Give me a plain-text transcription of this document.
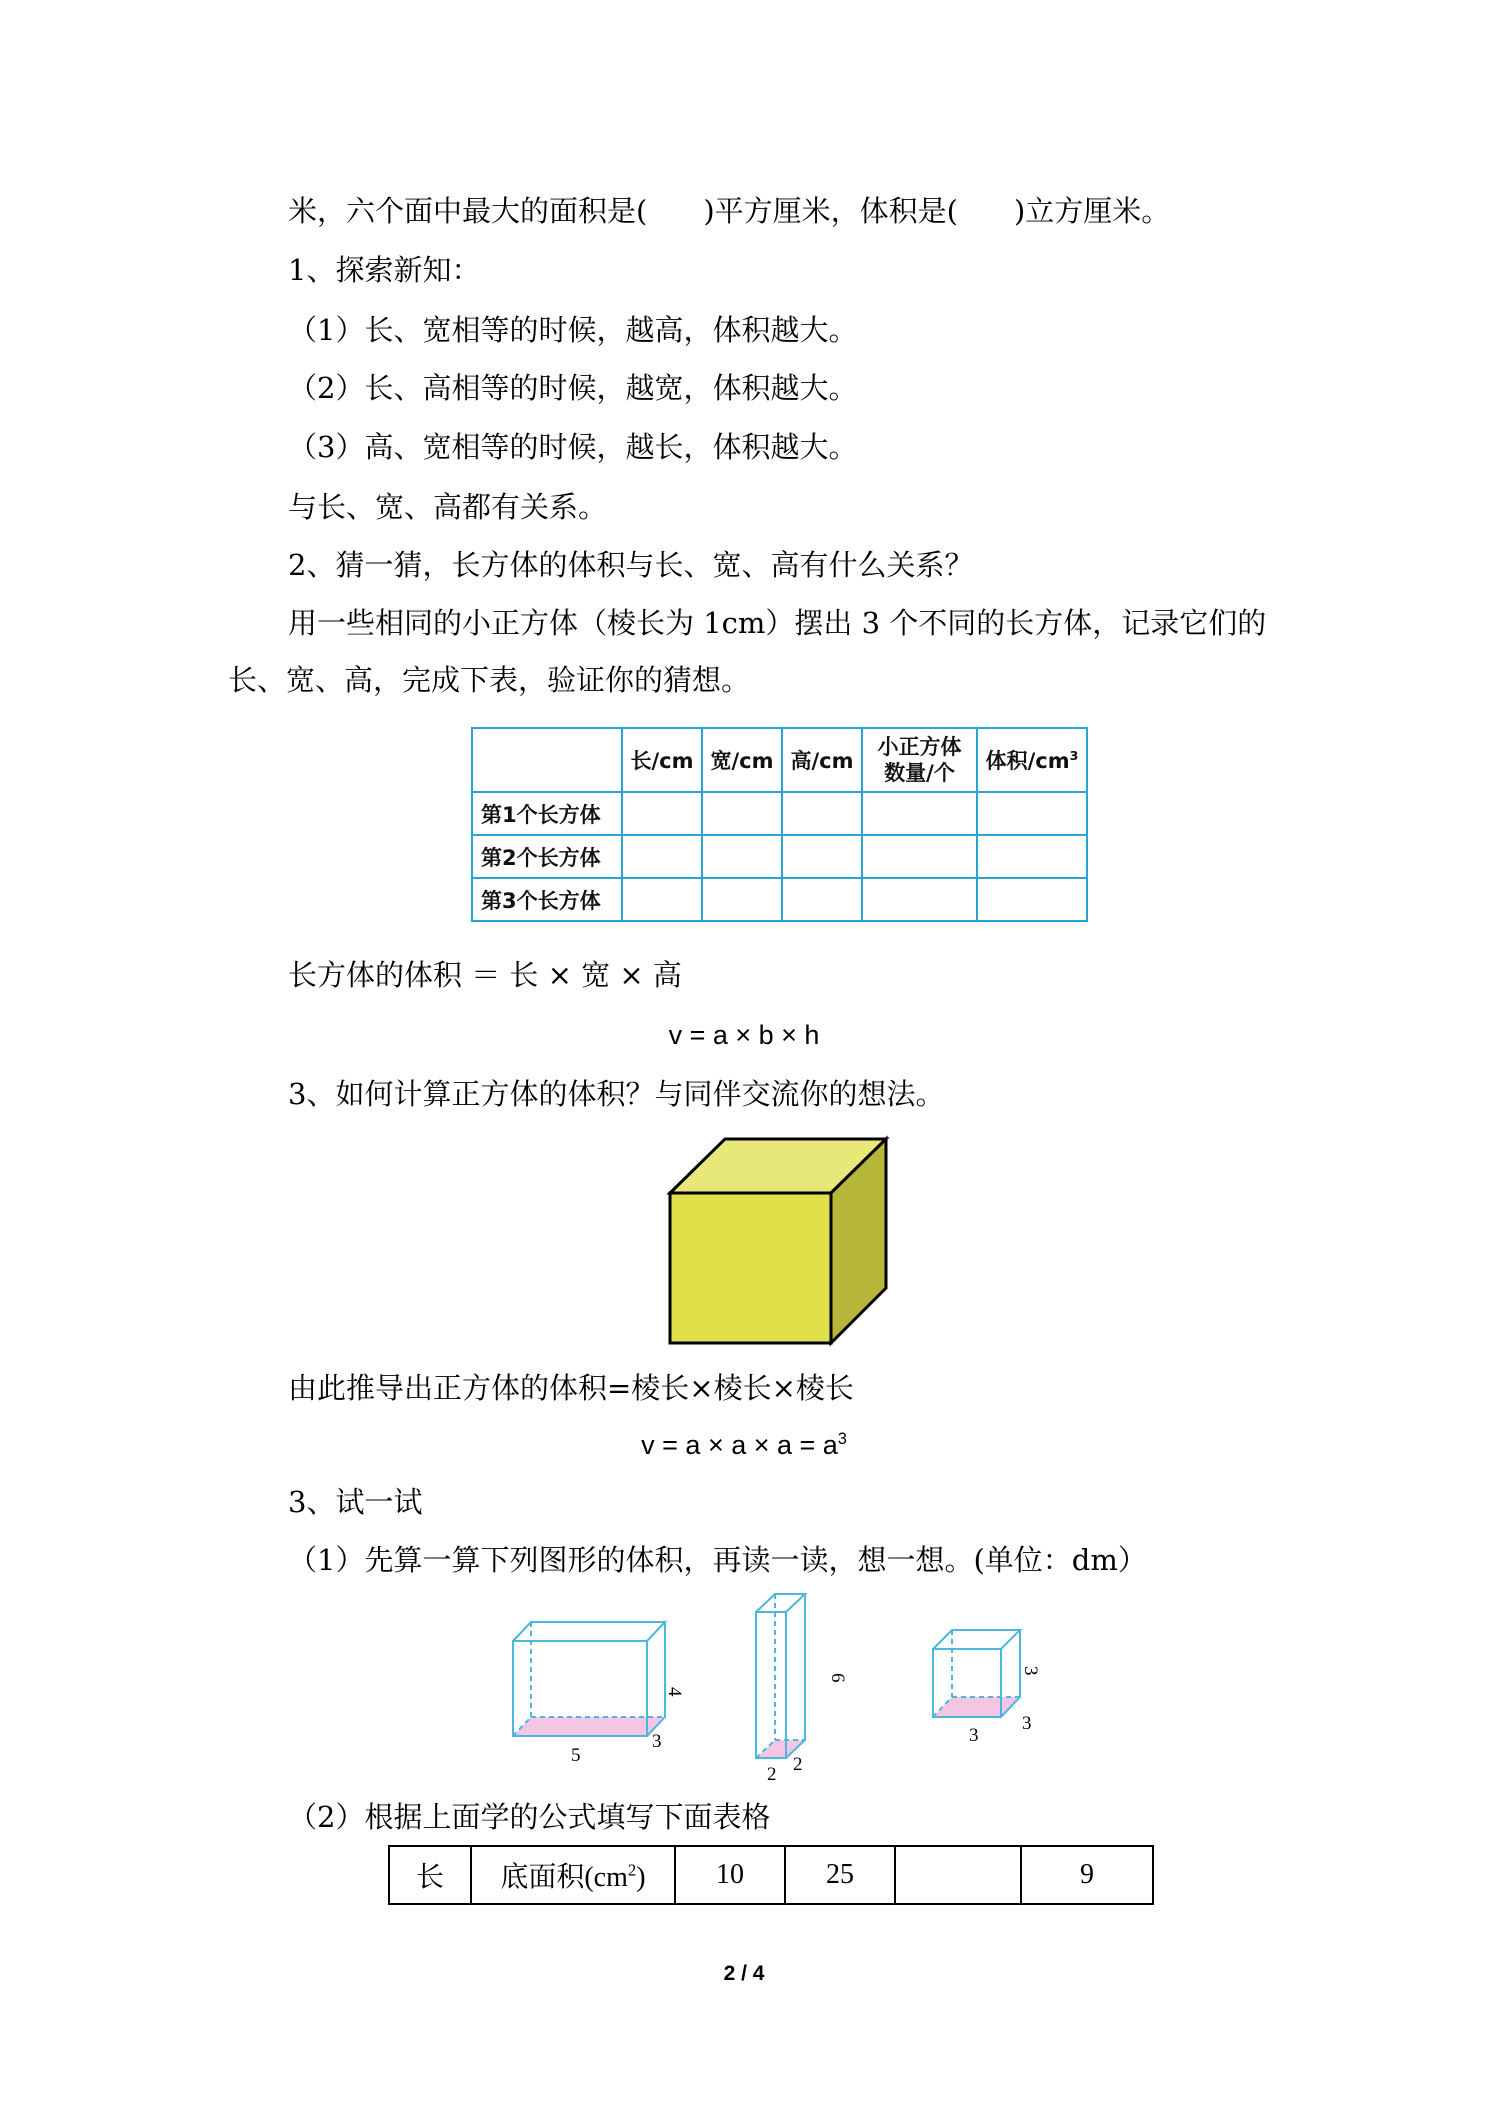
米，六个面中最大的面积是( )平方厘米，体积是( )立方厘米。
1、探索新知：
（1）长、宽相等的时候，越高，体积越大。
（2）长、高相等的时候，越宽，体积越大。
（3）高、宽相等的时候，越长，体积越大。
与长、宽、高都有关系。
2、猜一猜，长方体的体积与长、宽、高有什么关系？
用一些相同的小正方体（棱长为 1cm）摆出 3 个不同的长方体，记录它们的
长、宽、高，完成下表，验证你的猜想。
	长/cm	宽/cm	高/cm	小正方体
数量/个	体积$/cm^3$
第1个长方体					
第2个长方体					
第3个长方体					
长方体的体积 ＝ 长 × 宽 × 高
v = a × b × h
3、如何计算正方体的体积？与同伴交流你的想法。
由此推导出正方体的体积=棱长×棱长×棱长
$v = a \times a \times a = a^3$
3、试一试
（1）先算一算下列图形的体积，再读一读，想一想。(单位：dm）
5
3
4
2 2
6
3
3
3
（2）根据上面学的公式填写下面表格
长	底面积$(cm^2)$	10	25		9
2 / 4
